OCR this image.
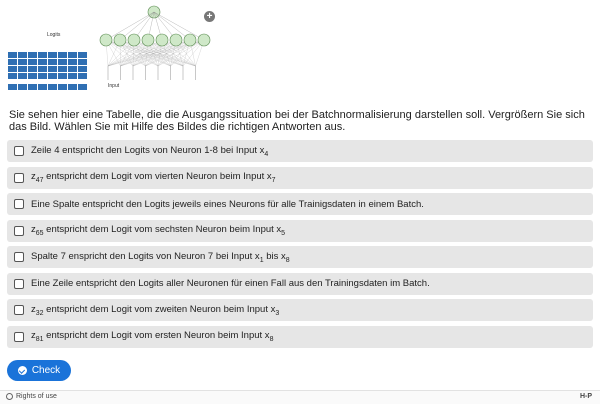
Logits
Input
+
Sie sehen hier eine Tabelle, die die Ausgangssituation bei der Batchnormalisierung darstellen soll. Vergrößern Sie sich das Bild. Wählen Sie mit Hilfe des Bildes die richtigen Antworten aus.
Zeile 4 entspricht den Logits von Neuron 1-8 bei Input $x_4$
$z_{47}$ entspricht dem Logit vom vierten Neuron beim Input $x_7$
Eine Spalte entspricht den Logits jeweils eines Neurons für alle Trainigsdaten in einem Batch.
$z_{65}$ entspricht dem Logit vom sechsten Neuron beim Input $x_5$
Spalte 7 enspricht den Logits von Neuron 7 bei Input $x_1$ bis $x_8$
Eine Zeile entspricht den Logits aller Neuronen für einen Fall aus den Trainingsdaten im Batch.
$z_{32}$ entspricht dem Logit vom zweiten Neuron beim Input $x_3$
$z_{81}$ entspricht dem Logit vom ersten Neuron beim Input $x_8$
Check
Rights of use	H-P
